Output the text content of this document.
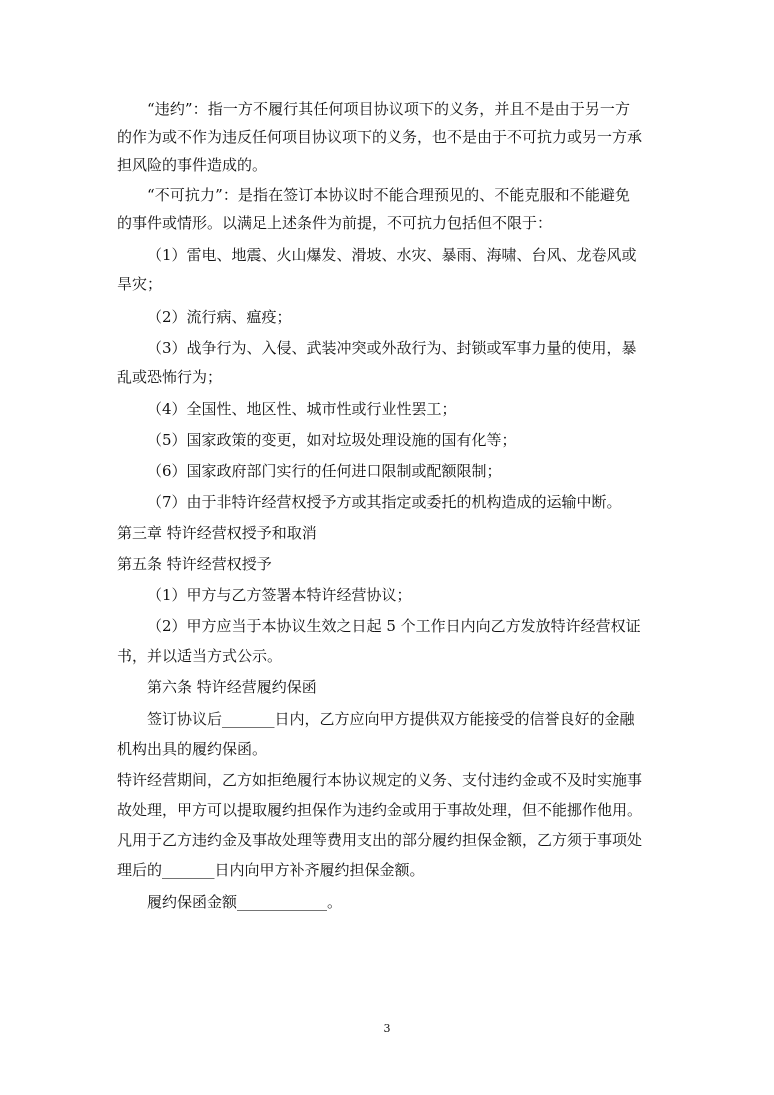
“违约”：指一方不履行其任何项目协议项下的义务，并且不是由于另一方
的作为或不作为违反任何项目协议项下的义务，也不是由于不可抗力或另一方承
担风险的事件造成的。
“不可抗力”：是指在签订本协议时不能合理预见的、不能克服和不能避免
的事件或情形。以满足上述条件为前提，不可抗力包括但不限于：
（1）雷电、地震、火山爆发、滑坡、水灾、暴雨、海啸、台风、龙卷风或
旱灾；
（2）流行病、瘟疫；
（3）战争行为、入侵、武装冲突或外敌行为、封锁或军事力量的使用，暴
乱或恐怖行为；
（4）全国性、地区性、城市性或行业性罢工；
（5）国家政策的变更，如对垃圾处理设施的国有化等；
（6）国家政府部门实行的任何进口限制或配额限制；
（7）由于非特许经营权授予方或其指定或委托的机构造成的运输中断。
第三章 特许经营权授予和取消
第五条 特许经营权授予
（1）甲方与乙方签署本特许经营协议；
（2）甲方应当于本协议生效之日起 5 个工作日内向乙方发放特许经营权证
书，并以适当方式公示。
第六条 特许经营履约保函
签订协议后_______日内，乙方应向甲方提供双方能接受的信誉良好的金融
机构出具的履约保函。
特许经营期间，乙方如拒绝履行本协议规定的义务、支付违约金或不及时实施事
故处理，甲方可以提取履约担保作为违约金或用于事故处理，但不能挪作他用。
凡用于乙方违约金及事故处理等费用支出的部分履约担保金额，乙方须于事项处
理后的_______日内向甲方补齐履约担保金额。
履约保函金额____________。
3
